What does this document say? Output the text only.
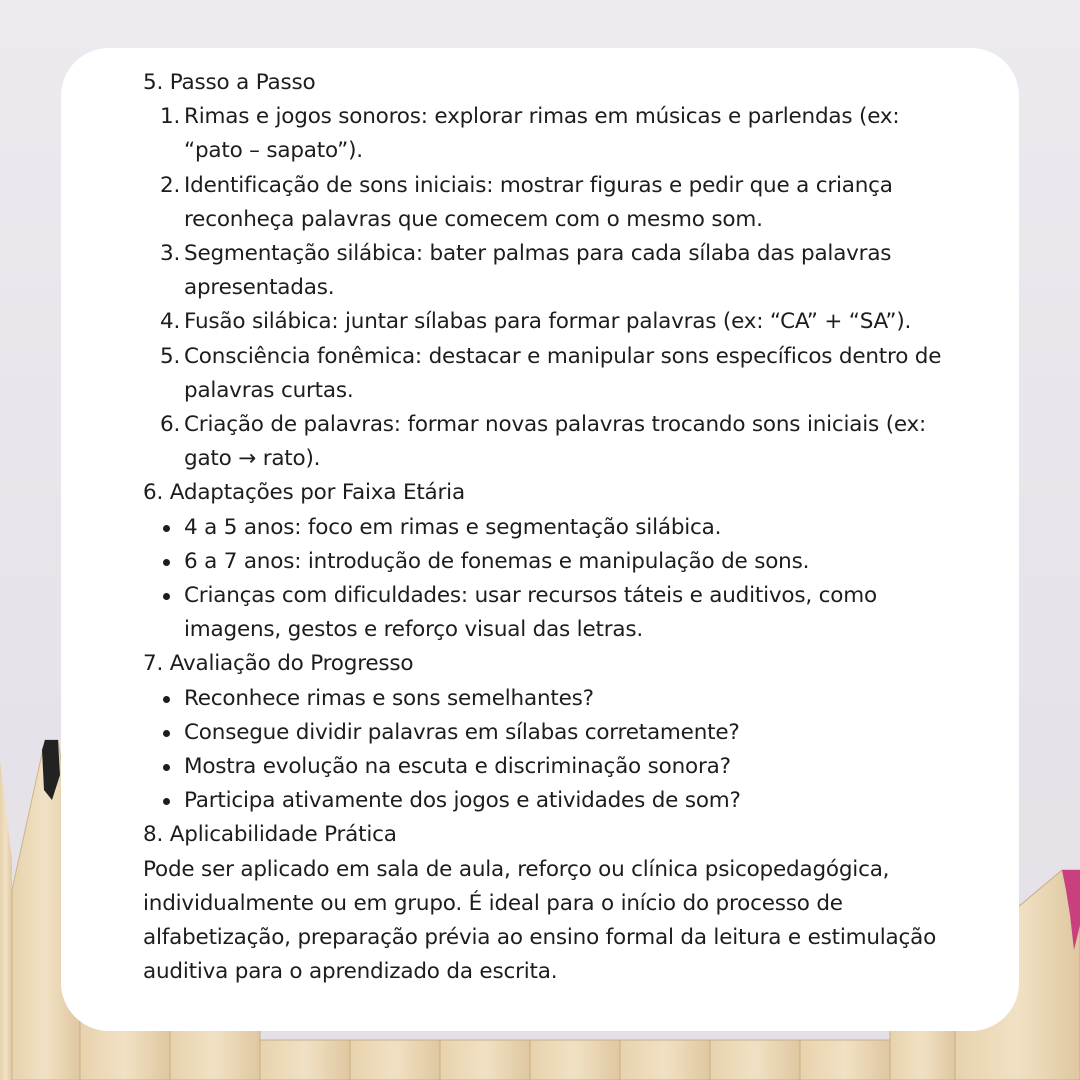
5. Passo a Passo

1. Rimas e jogos sonoros: explorar rimas em músicas e parlendas (ex: “pato – sapato”).
2. Identificação de sons iniciais: mostrar figuras e pedir que a criança reconheça palavras que comecem com o mesmo som.
3. Segmentação silábica: bater palmas para cada sílaba das palavras apresentadas.
4. Fusão silábica: juntar sílabas para formar palavras (ex: “CA” + “SA”).
5. Consciência fonêmica: destacar e manipular sons específicos dentro de palavras curtas.
6. Criação de palavras: formar novas palavras trocando sons iniciais (ex: gato → rato).

6. Adaptações por Faixa Etária

4 a 5 anos: foco em rimas e segmentação silábica.
6 a 7 anos: introdução de fonemas e manipulação de sons.
Crianças com dificuldades: usar recursos táteis e auditivos, como imagens, gestos e reforço visual das letras.

7. Avaliação do Progresso

Reconhece rimas e sons semelhantes?
Consegue dividir palavras em sílabas corretamente?
Mostra evolução na escuta e discriminação sonora?
Participa ativamente dos jogos e atividades de som?

8. Aplicabilidade Prática

Pode ser aplicado em sala de aula, reforço ou clínica psicopedagógica, individualmente ou em grupo. É ideal para o início do processo de alfabetização, preparação prévia ao ensino formal da leitura e estimulação auditiva para o aprendizado da escrita.
